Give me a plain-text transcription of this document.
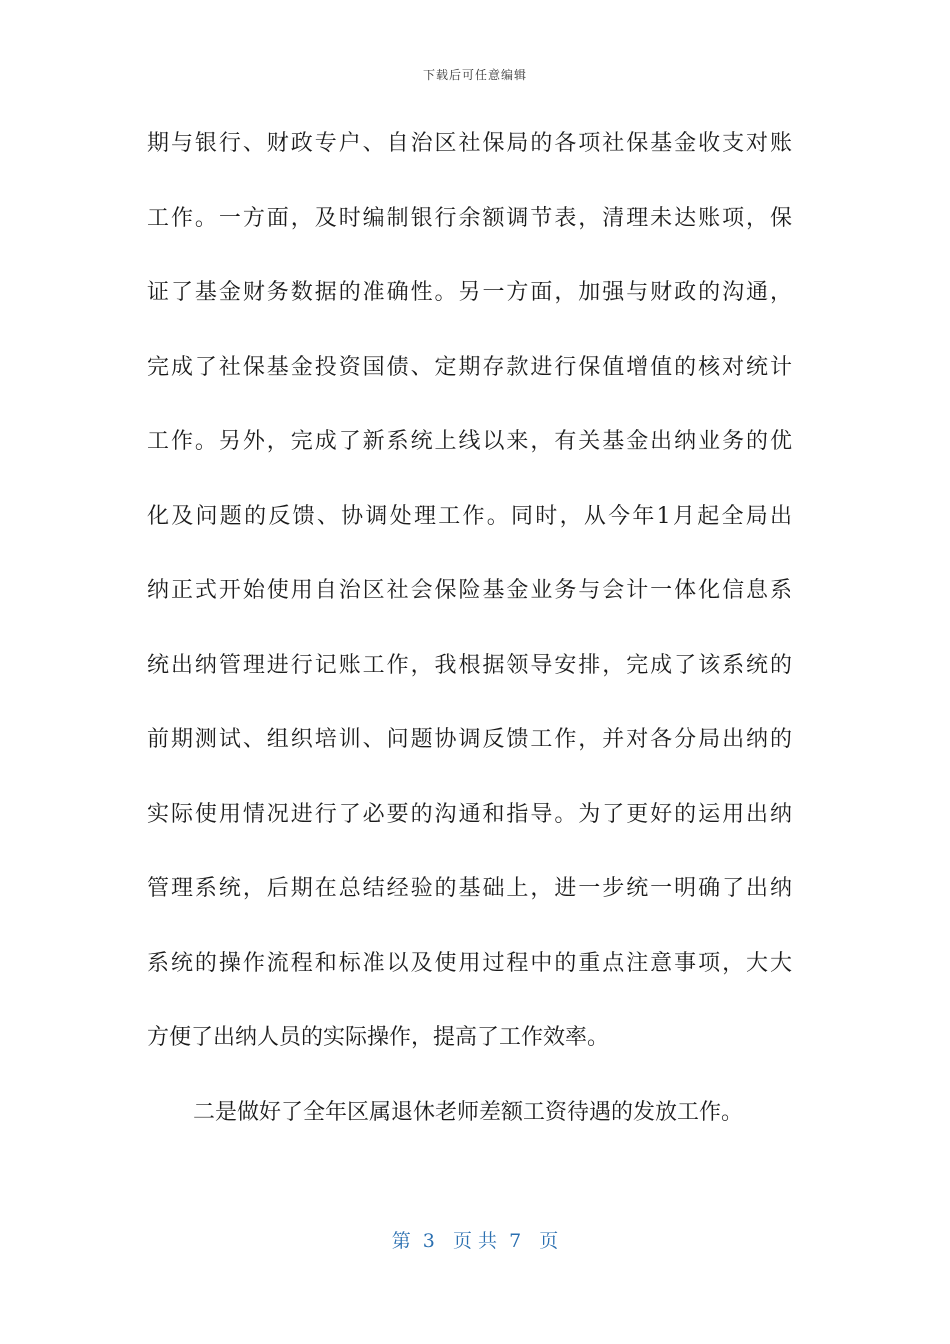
下载后可任意编辑
期与银行、财政专户、自治区社保局的各项社保基金收支对账
工作。一方面，及时编制银行余额调节表，清理未达账项，保
证了基金财务数据的准确性。另一方面，加强与财政的沟通，
完成了社保基金投资国债、定期存款进行保值增值的核对统计
工作。另外，完成了新系统上线以来，有关基金出纳业务的优
化及问题的反馈、协调处理工作。同时，从今年1月起全局出
纳正式开始使用自治区社会保险基金业务与会计一体化信息系
统出纳管理进行记账工作，我根据领导安排，完成了该系统的
前期测试、组织培训、问题协调反馈工作，并对各分局出纳的
实际使用情况进行了必要的沟通和指导。为了更好的运用出纳
管理系统，后期在总结经验的基础上，进一步统一明确了出纳
系统的操作流程和标准以及使用过程中的重点注意事项，大大
方便了出纳人员的实际操作，提高了工作效率。
二是做好了全年区属退休老师差额工资待遇的发放工作。
第  3   页 共  7   页
